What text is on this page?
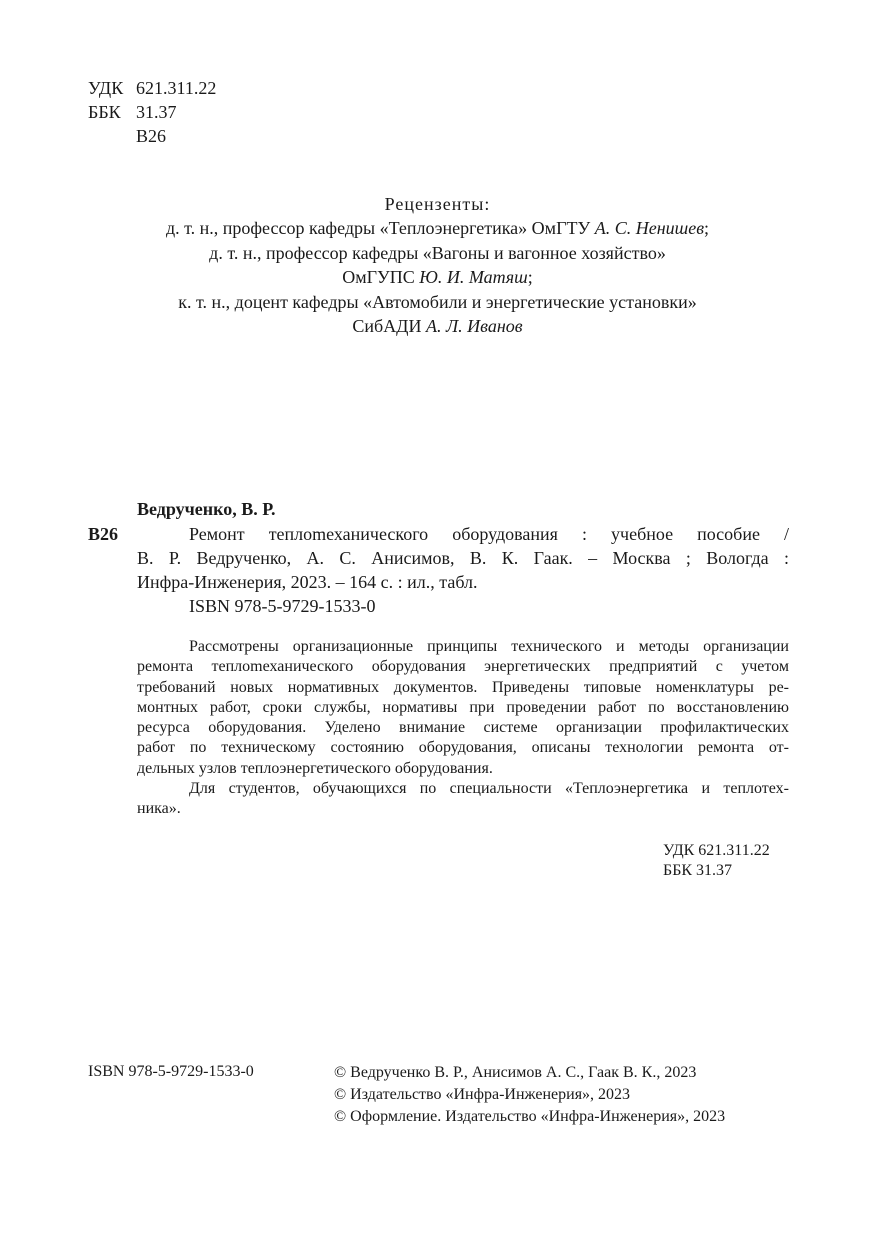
УДК 621.311.22
ББК 31.37
В26
Рецензенты:
д. т. н., профессор кафедры «Теплоэнергетика» ОмГТУ А. С. Ненишев;
д. т. н., профессор кафедры «Вагоны и вагонное хозяйство»
ОмГУПС Ю. И. Матяш;
к. т. н., доцент кафедры «Автомобили и энергетические установки»
СибАДИ А. Л. Иванов
Ведрученко, В. Р.
В26	Ремонт теплomеханического оборудования : учебное пособие /
В. Р. Ведрученко, А. С. Анисимов, В. К. Гаак. – Москва ; Вологда :
Инфра-Инженерия, 2023. – 164 с. : ил., табл.
ISBN 978-5-9729-1533-0
Рассмотрены организационные принципы технического и методы организации
ремонта теплomеханического оборудования энергетических предприятий с учетом
требований новых нормативных документов. Приведены типовые номенклатуры ре-
монтных работ, сроки службы, нормативы при проведении работ по восстановлению
ресурса оборудования. Уделено внимание системе организации профилактических
работ по техническому состоянию оборудования, описаны технологии ремонта от-
дельных узлов теплоэнергетического оборудования.
Для студентов, обучающихся по специальности «Теплоэнергетика и теплотех-
ника».
УДК 621.311.22
ББК 31.37
ISBN 978-5-9729-1533-0	© Ведрученко В. Р., Анисимов А. С., Гаак В. К., 2023
© Издательство «Инфра-Инженерия», 2023
© Оформление. Издательство «Инфра-Инженерия», 2023
